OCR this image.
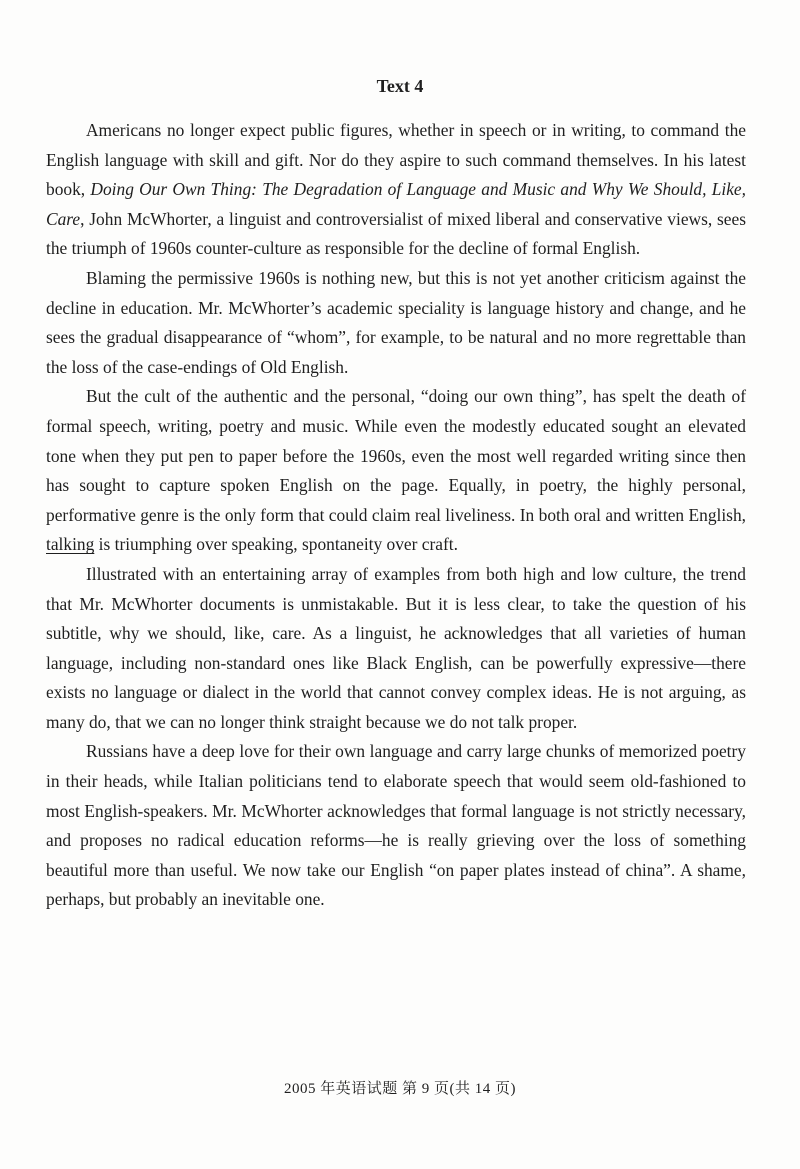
Text 4

Americans no longer expect public figures, whether in speech or in writing, to command the English language with skill and gift. Nor do they aspire to such command themselves. In his latest book, Doing Our Own Thing: The Degradation of Language and Music and Why We Should, Like, Care, John McWhorter, a linguist and controversialist of mixed liberal and conservative views, sees the triumph of 1960s counter-culture as responsible for the decline of formal English.

Blaming the permissive 1960s is nothing new, but this is not yet another criticism against the decline in education. Mr. McWhorter’s academic speciality is language history and change, and he sees the gradual disappearance of “whom”, for example, to be natural and no more regrettable than the loss of the case-endings of Old English.

But the cult of the authentic and the personal, “doing our own thing”, has spelt the death of formal speech, writing, poetry and music. While even the modestly educated sought an elevated tone when they put pen to paper before the 1960s, even the most well regarded writing since then has sought to capture spoken English on the page. Equally, in poetry, the highly personal, performative genre is the only form that could claim real liveliness. In both oral and written English, talking is triumphing over speaking, spontaneity over craft.

Illustrated with an entertaining array of examples from both high and low culture, the trend that Mr. McWhorter documents is unmistakable. But it is less clear, to take the question of his subtitle, why we should, like, care. As a linguist, he acknowledges that all varieties of human language, including non-standard ones like Black English, can be powerfully expressive—there exists no language or dialect in the world that cannot convey complex ideas. He is not arguing, as many do, that we can no longer think straight because we do not talk proper.

Russians have a deep love for their own language and carry large chunks of memorized poetry in their heads, while Italian politicians tend to elaborate speech that would seem old-fashioned to most English-speakers. Mr. McWhorter acknowledges that formal language is not strictly necessary, and proposes no radical education reforms—he is really grieving over the loss of something beautiful more than useful. We now take our English “on paper plates instead of china”. A shame, perhaps, but probably an inevitable one.

2005 年英语试题 第 9 页(共 14 页)
